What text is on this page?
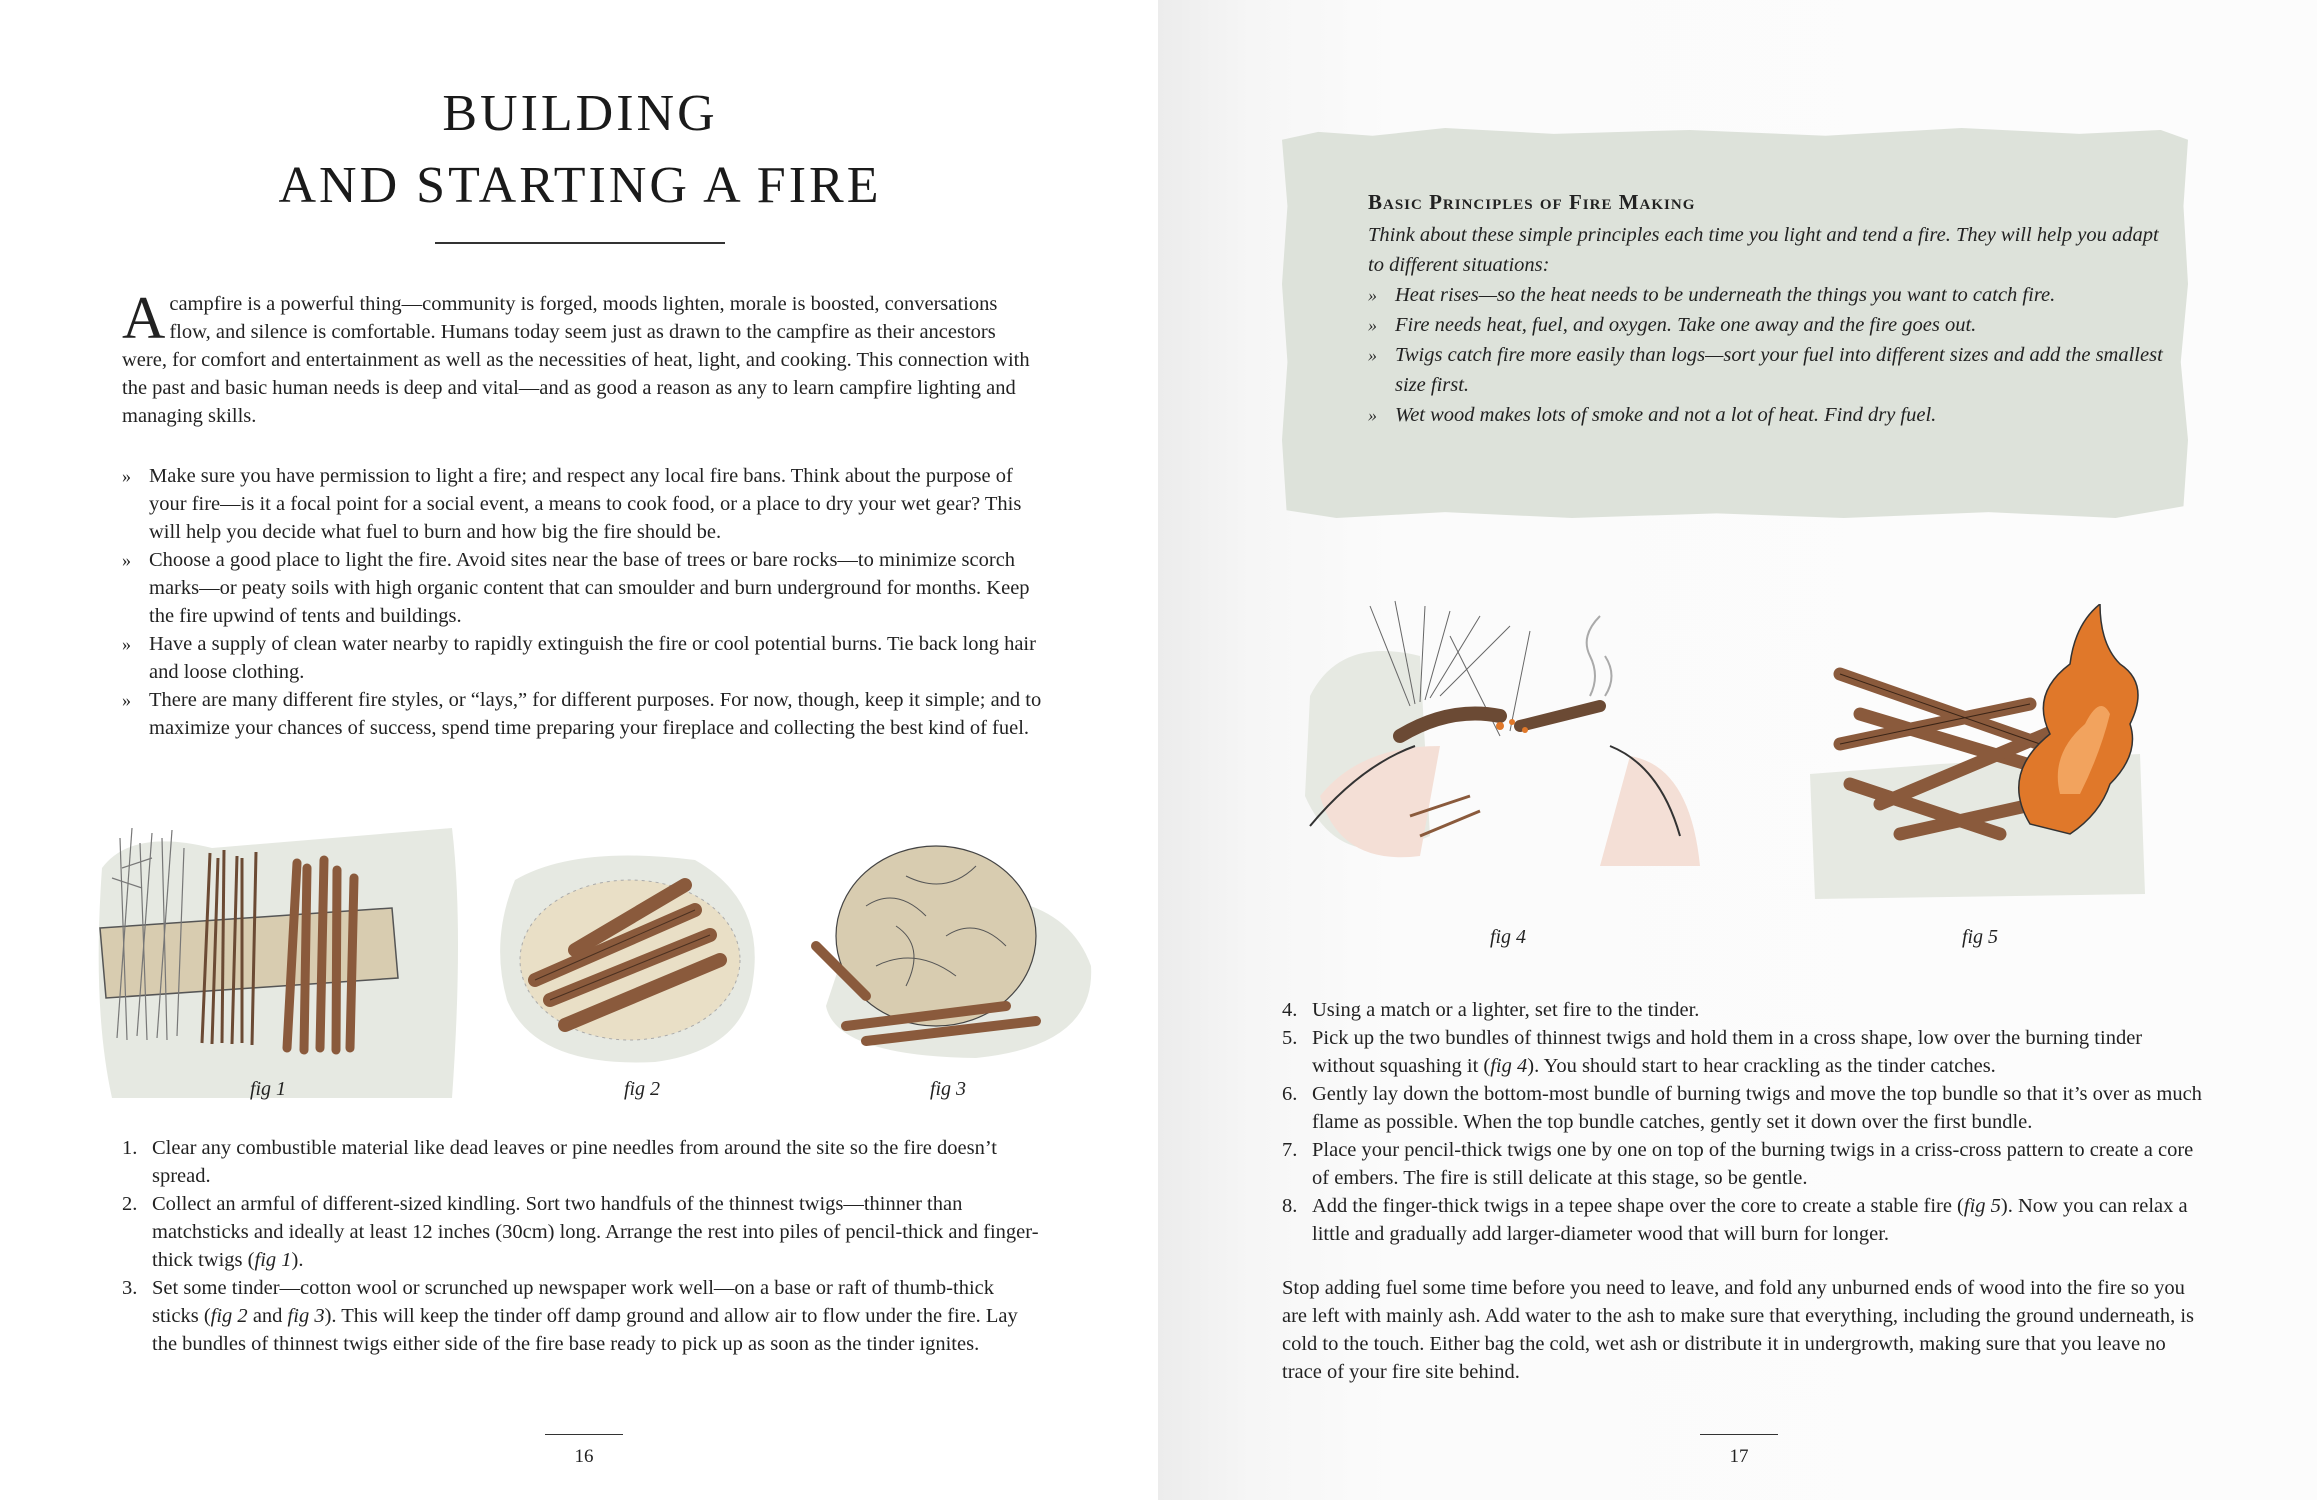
BUILDING
AND STARTING A FIRE

Acampfire is a powerful thing—community is forged, moods lighten, morale is boosted, conversations flow, and silence is comfortable. Humans today seem just as drawn to the campfire as their ancestors were, for comfort and entertainment as well as the necessities of heat, light, and cooking. This connection with the past and basic human needs is deep and vital—and as good a reason as any to learn campfire lighting and managing skills.

» Make sure you have permission to light a fire; and respect any local fire bans. Think about the purpose of your fire—is it a focal point for a social event, a means to cook food, or a place to dry your wet gear? This will help you decide what fuel to burn and how big the fire should be.
» Choose a good place to light the fire. Avoid sites near the base of trees or bare rocks—to minimize scorch marks—or peaty soils with high organic content that can smoulder and burn underground for months. Keep the fire upwind of tents and buildings.
» Have a supply of clean water nearby to rapidly extinguish the fire or cool potential burns. Tie back long hair and loose clothing.
» There are many different fire styles, or “lays,” for different purposes. For now, though, keep it simple; and to maximize your chances of success, spend time preparing your fireplace and collecting the best kind of fuel.
fig 1	fig 2	fig 3
1. Clear any combustible material like dead leaves or pine needles from around the site so the fire doesn’t spread.
2. Collect an armful of different-sized kindling. Sort two handfuls of the thinnest twigs—thinner than matchsticks and ideally at least 12 inches (30cm) long. Arrange the rest into piles of pencil-thick and finger-thick twigs (fig 1).
3. Set some tinder—cotton wool or scrunched up newspaper work well—on a base or raft of thumb-thick sticks (fig 2 and fig 3). This will keep the tinder off damp ground and allow air to flow under the fire. Lay the bundles of thinnest twigs either side of the fire base ready to pick up as soon as the tinder ignites.
16
Basic Principles of Fire Making

Think about these simple principles each time you light and tend a fire. They will help you adapt to different situations:

» Heat rises—so the heat needs to be underneath the things you want to catch fire.
» Fire needs heat, fuel, and oxygen. Take one away and the fire goes out.
» Twigs catch fire more easily than logs—sort your fuel into different sizes and add the smallest size first.
» Wet wood makes lots of smoke and not a lot of heat. Find dry fuel.
fig 4	fig 5
4. Using a match or a lighter, set fire to the tinder.
5. Pick up the two bundles of thinnest twigs and hold them in a cross shape, low over the burning tinder without squashing it (fig 4). You should start to hear crackling as the tinder catches.
6. Gently lay down the bottom-most bundle of burning twigs and move the top bundle so that it’s over as much flame as possible. When the top bundle catches, gently set it down over the first bundle.
7. Place your pencil-thick twigs one by one on top of the burning twigs in a criss-cross pattern to create a core of embers. The fire is still delicate at this stage, so be gentle.
8. Add the finger-thick twigs in a tepee shape over the core to create a stable fire (fig 5). Now you can relax a little and gradually add larger-diameter wood that will burn for longer.

Stop adding fuel some time before you need to leave, and fold any unburned ends of wood into the fire so you are left with mainly ash. Add water to the ash to make sure that everything, including the ground underneath, is cold to the touch. Either bag the cold, wet ash or distribute it in undergrowth, making sure that you leave no trace of your fire site behind.

17
